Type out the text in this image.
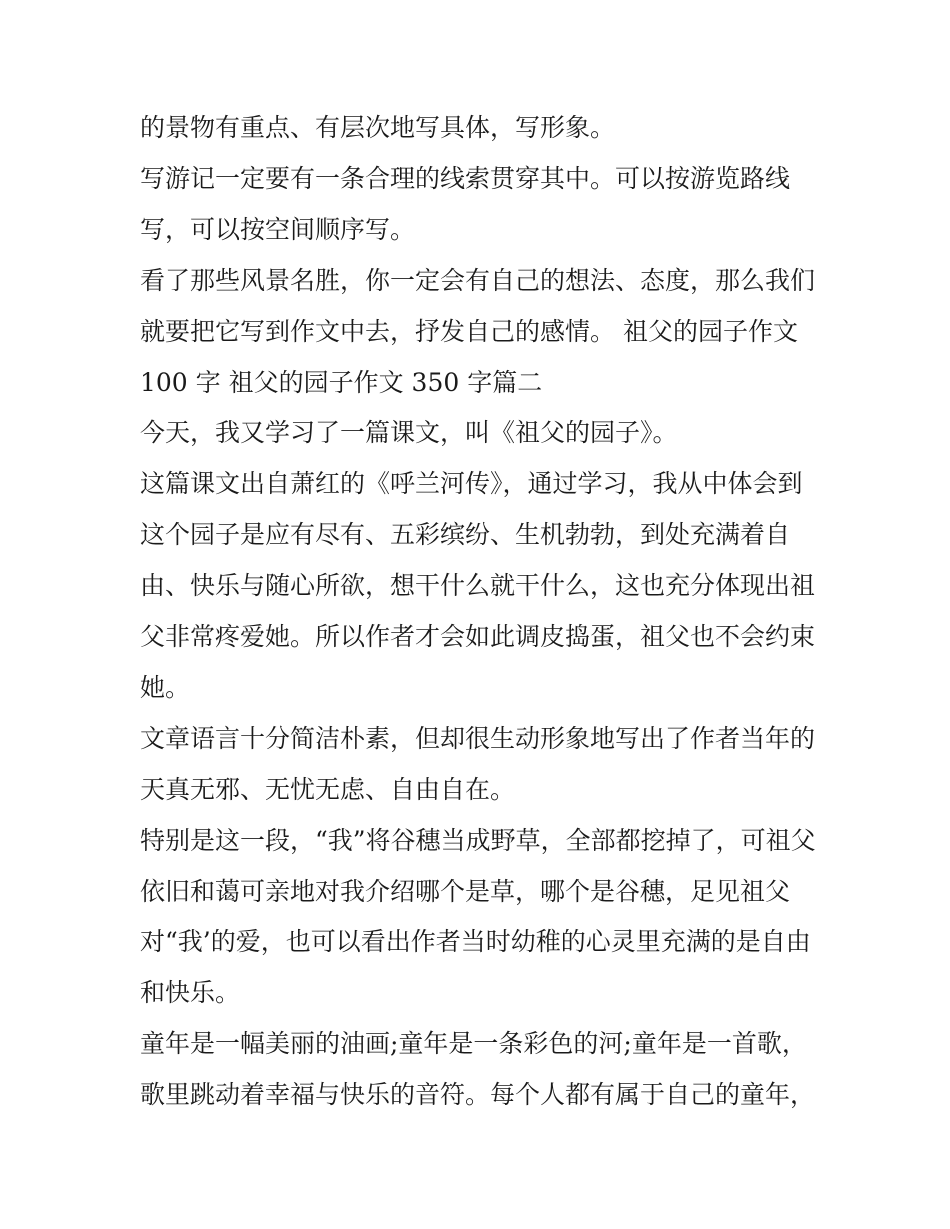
的景物有重点、有层次地写具体，写形象。
写游记一定要有一条合理的线索贯穿其中。可以按游览路线
写，可以按空间顺序写。
看了那些风景名胜，你一定会有自己的想法、态度，那么我们
就要把它写到作文中去，抒发自己的感情。 祖父的园子作文
100 字 祖父的园子作文 350 字篇二
今天，我又学习了一篇课文，叫《祖父的园子》。
这篇课文出自萧红的《呼兰河传》，通过学习，我从中体会到
这个园子是应有尽有、五彩缤纷、生机勃勃，到处充满着自
由、快乐与随心所欲，想干什么就干什么，这也充分体现出祖
父非常疼爱她。所以作者才会如此调皮捣蛋，祖父也不会约束
她。
文章语言十分简洁朴素，但却很生动形象地写出了作者当年的
天真无邪、无忧无虑、自由自在。
特别是这一段，“我”将谷穗当成野草，全部都挖掉了，可祖父
依旧和蔼可亲地对我介绍哪个是草，哪个是谷穗，足见祖父
对“我’的爱，也可以看出作者当时幼稚的心灵里充满的是自由
和快乐。
童年是一幅美丽的油画;童年是一条彩色的河;童年是一首歌，
歌里跳动着幸福与快乐的音符。每个人都有属于自己的童年，
